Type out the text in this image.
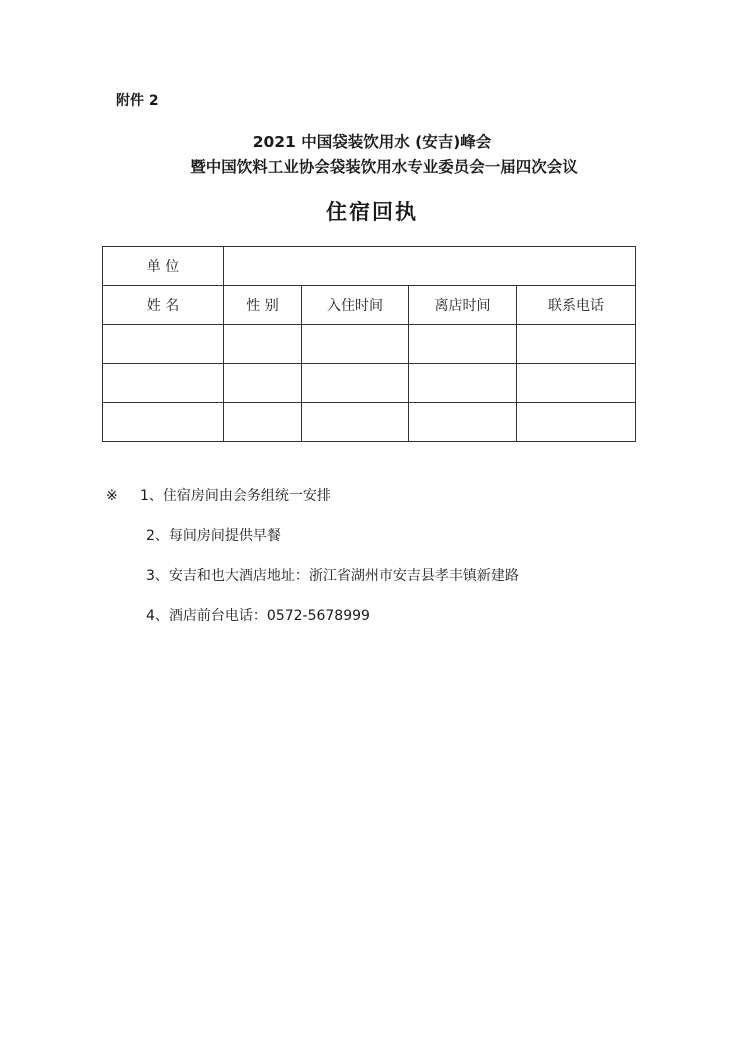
附件 2
2021 中国袋装饮用水 (安吉)峰会
暨中国饮料工业协会袋装饮用水专业委员会一届四次会议
住宿回执
单 位				
姓 名	性 别	入住时间	离店时间	联系电话

※ 1、住宿房间由会务组统一安排
2、每间房间提供早餐
3、安吉和也大酒店地址：浙江省湖州市安吉县孝丰镇新建路
4、酒店前台电话：0572-5678999
